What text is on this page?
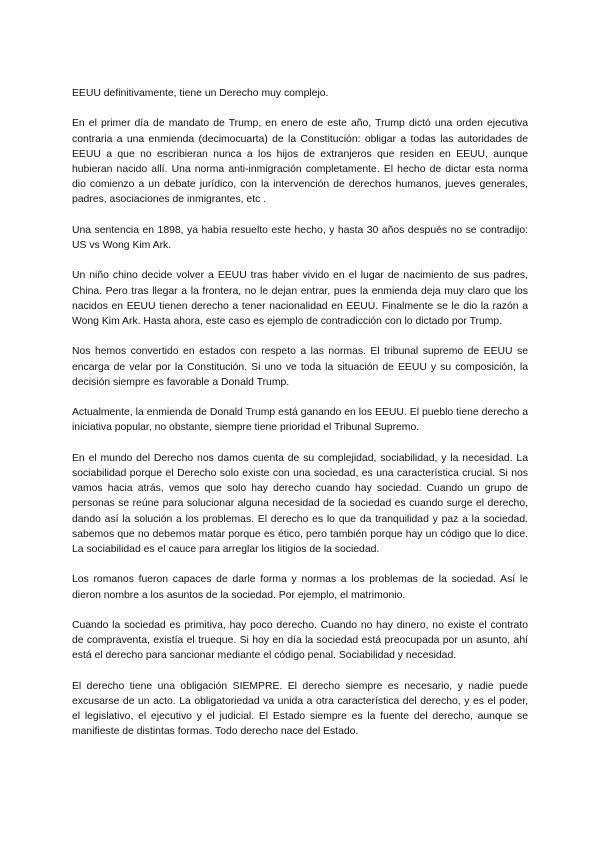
EEUU definitivamente, tiene un Derecho muy complejo.

En el primer día de mandato de Trump, en enero de este año, Trump dictó una orden ejecutiva contraria a una enmienda (decimocuarta) de la Constitución: obligar a todas las autoridades de EEUU a que no escribieran nunca a los hijos de extranjeros que residen en EEUU, aunque hubieran nacido allí. Una norma anti-inmigración completamente. El hecho de dictar esta norma dio comienzo a un debate jurídico, con la intervención de derechos humanos, jueves generales, padres, asociaciones de inmigrantes, etc .

Una sentencia en 1898, ya había resuelto este hecho, y hasta 30 años después no se contradijo: US vs Wong Kim Ark.

Un niño chino decide volver a EEUU tras haber vivido en el lugar de nacimiento de sus padres, China. Pero tras llegar a la frontera, no le dejan entrar, pues la enmienda deja muy claro que los nacidos en EEUU tienen derecho a tener nacionalidad en EEUU. Finalmente se le dio la razón a Wong Kim Ark. Hasta ahora, este caso es ejemplo de contradicción con lo dictado por Trump.

Nos hemos convertido en estados con respeto a las normas. El tribunal supremo de EEUU se encarga de velar por la Constitución. Si uno ve toda la situación de EEUU y su composición, la decisión siempre es favorable a Donald Trump.

Actualmente, la enmienda de Donald Trump está ganando en los EEUU. El pueblo tiene derecho a iniciativa popular, no obstante, siempre tiene prioridad el Tribunal Supremo.

En el mundo del Derecho nos damos cuenta de su complejidad, sociabilidad, y la necesidad. La sociabilidad porque el Derecho solo existe con una sociedad, es una característica crucial. Si nos vamos hacia atrás, vemos que solo hay derecho cuando hay sociedad. Cuando un grupo de personas se reúne para solucionar alguna necesidad de la sociedad es cuando surge el derecho, dando así la solución a los problemas. El derecho es lo que da tranquilidad y paz a la sociedad. sabemos que no debemos matar porque es ético, pero también porque hay un código que lo dice. La sociabilidad es el cauce para arreglar los litigios de la sociedad.

Los romanos fueron capaces de darle forma y normas a los problemas de la sociedad. Así le dieron nombre a los asuntos de la sociedad. Por ejemplo, el matrimonio.

Cuando la sociedad es primitiva, hay poco derecho. Cuando no hay dinero, no existe el contrato de compraventa, existía el trueque. Si hoy en día la sociedad está preocupada por un asunto, ahí está el derecho para sancionar mediante el código penal. Sociabilidad y necesidad.

El derecho tiene una obligación SIEMPRE. El derecho siempre es necesario, y nadie puede excusarse de un acto. La obligatoriedad va unida a otra característica del derecho, y es el poder, el legislativo, el ejecutivo y el judicial. El Estado siempre es la fuente del derecho, aunque se manifieste de distintas formas. Todo derecho nace del Estado.
